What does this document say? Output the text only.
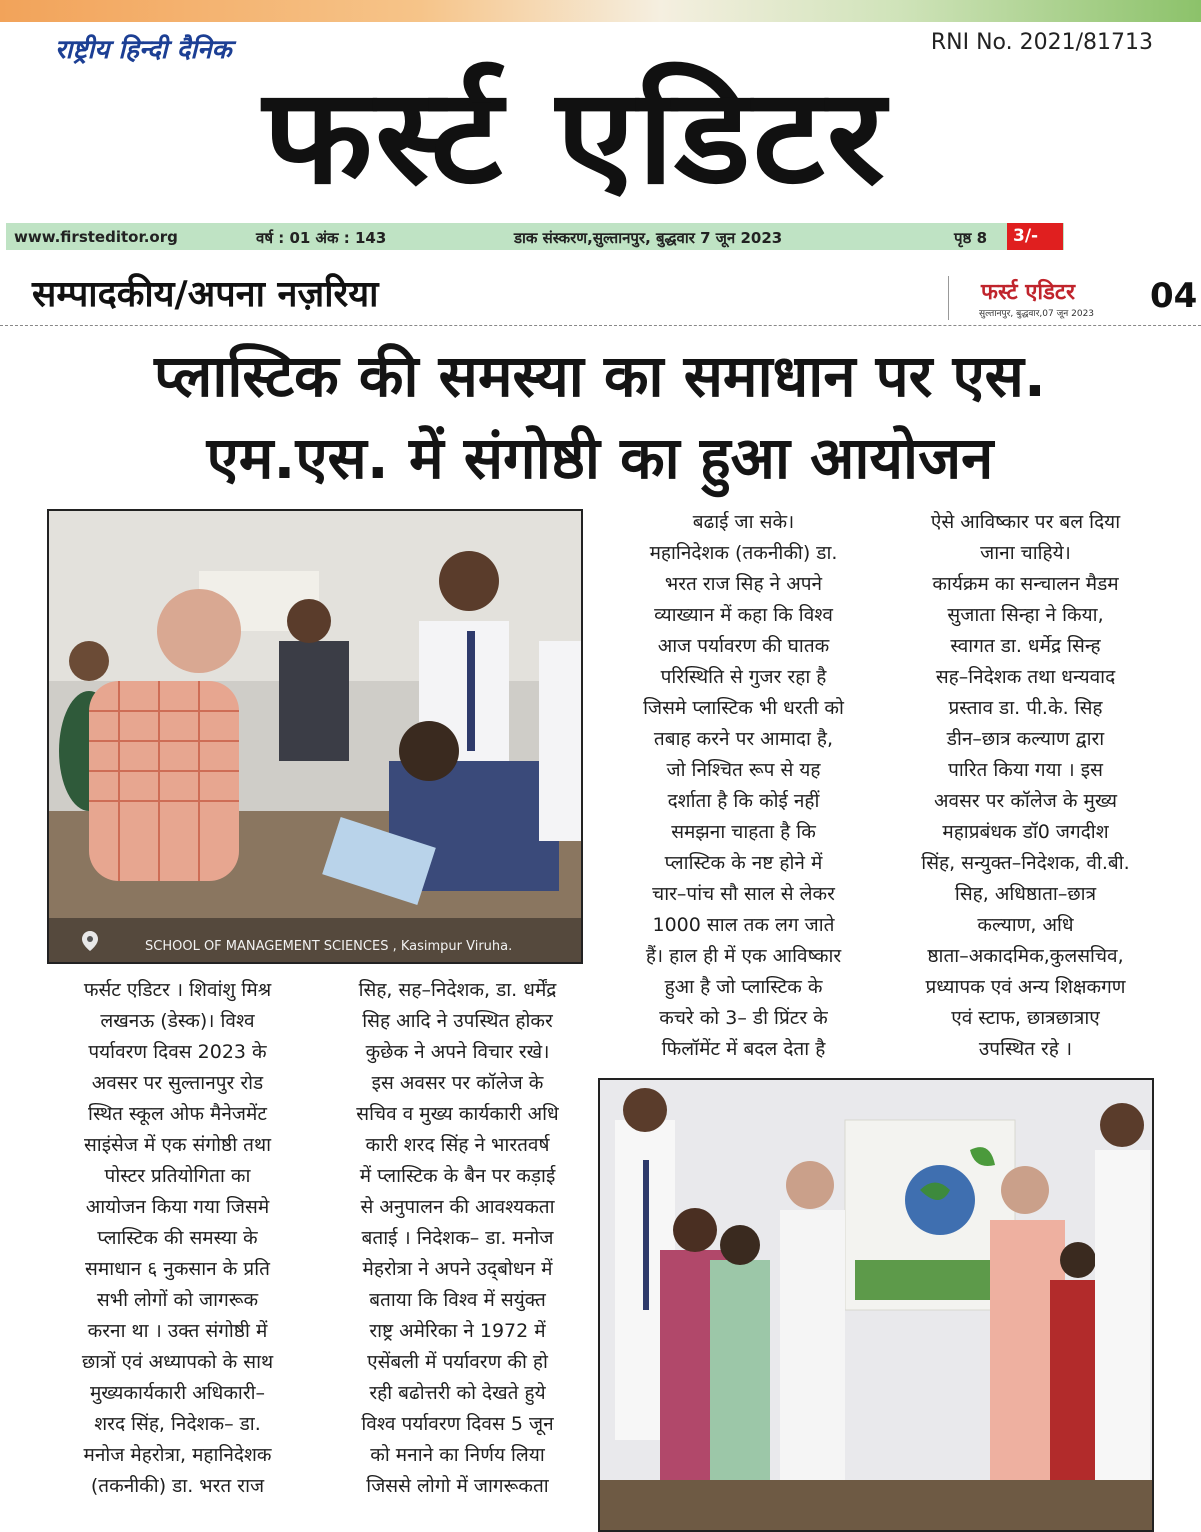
राष्ट्रीय हिन्दी दैनिक	RNI No. 2021/81713
फर्स्ट एडिटर
www.firsteditor.org	वर्ष : 01 अंक : 143	डाक संस्करण,सुल्तानपुर, बुद्धवार 7 जून 2023	पृष्ठ 8	3/-
सम्पादकीय/अपना नज़रिया	फर्स्ट एडिटर
सुल्तानपुर, बुद्धवार,07 जून 2023 04
प्लास्टिक की समस्या का समाधान पर एस.
एम.एस. में संगोष्ठी का हुआ आयोजन
SCHOOL OF MANAGEMENT SCIENCES , Kasimpur Viruha.
फर्सट एडिटर । शिवांशु मिश्र
लखनऊ (डेस्क)। विश्व
पर्यावरण दिवस 2023 के
अवसर पर सुल्तानपुर रोड
स्थित स्कूल ओफ मैनेजमेंट
साइंसेज में एक संगोष्ठी तथा
पोस्टर प्रतियोगिता का
आयोजन किया गया जिसमे
प्लास्टिक की समस्या के
समाधान ६ नुकसान के प्रति
सभी लोगों को जागरूक
करना था । उक्त संगोष्ठी में
छात्रों एवं अध्यापको के साथ
मुख्यकार्यकारी अधिकारी–
शरद सिंह, निदेशक– डा.
मनोज मेहरोत्रा, महानिदेशक
(तकनीकी) डा. भरत राज
सिह, सह–निदेशक, डा. धर्मेंद्र
सिह आदि ने उपस्थित होकर
कुछेक ने अपने विचार रखे।
इस अवसर पर कॉलेज के
सचिव व मुख्य कार्यकारी अधि
कारी शरद सिंह ने भारतवर्ष
में प्लास्टिक के बैन पर कड़ाई
से अनुपालन की आवश्यकता
बताई । निदेशक– डा. मनोज
मेहरोत्रा ने अपने उद्‌बोधन में
बताया कि विश्व में सयुंक्त
राष्ट्र अमेरिका ने 1972 में
एसेंबली में पर्यावरण की हो
रही बढोत्तरी को देखते हुये
विश्व पर्यावरण दिवस 5 जून
को मनाने का निर्णय लिया
जिससे लोगो में जागरूकता
बढाई जा सके।
महानिदेशक (तकनीकी) डा.
भरत राज सिह ने अपने
व्याख्यान में कहा कि विश्व
आज पर्यावरण की घातक
परिस्थिति से गुजर रहा है
जिसमे प्लास्टिक भी धरती को
तबाह करने पर आमादा है,
जो निश्चित रूप से यह
दर्शाता है कि कोई नहीं
समझना चाहता है कि
प्लास्टिक के नष्ट होने में
चार–पांच सौ साल से लेकर
1000 साल तक लग जाते
हैं। हाल ही में एक आविष्कार
हुआ है जो प्लास्टिक के
कचरे को 3– डी प्रिंटर के
फिलॉमेंट में बदल देता है
ऐसे आविष्कार पर बल दिया
जाना चाहिये।
कार्यक्रम का सन्चालन मैडम
सुजाता सिन्हा ने किया,
स्वागत डा. धर्मेद्र सिन्ह
सह–निदेशक तथा धन्यवाद
प्रस्ताव डा. पी.के. सिह
डीन–छात्र कल्याण द्वारा
पारित किया गया । इस
अवसर पर कॉलेज के मुख्य
महाप्रबंधक डॉ0 जगदीश
सिंह, सन्युक्त–निदेशक, वी.बी.
सिह, अधिष्ठाता–छात्र
कल्याण, अधि
ष्ठाता–अकादमिक,कुलसचिव,
प्रध्यापक एवं अन्य शिक्षकगण
एवं स्टाफ, छात्रछात्राए
उपस्थित रहे ।
